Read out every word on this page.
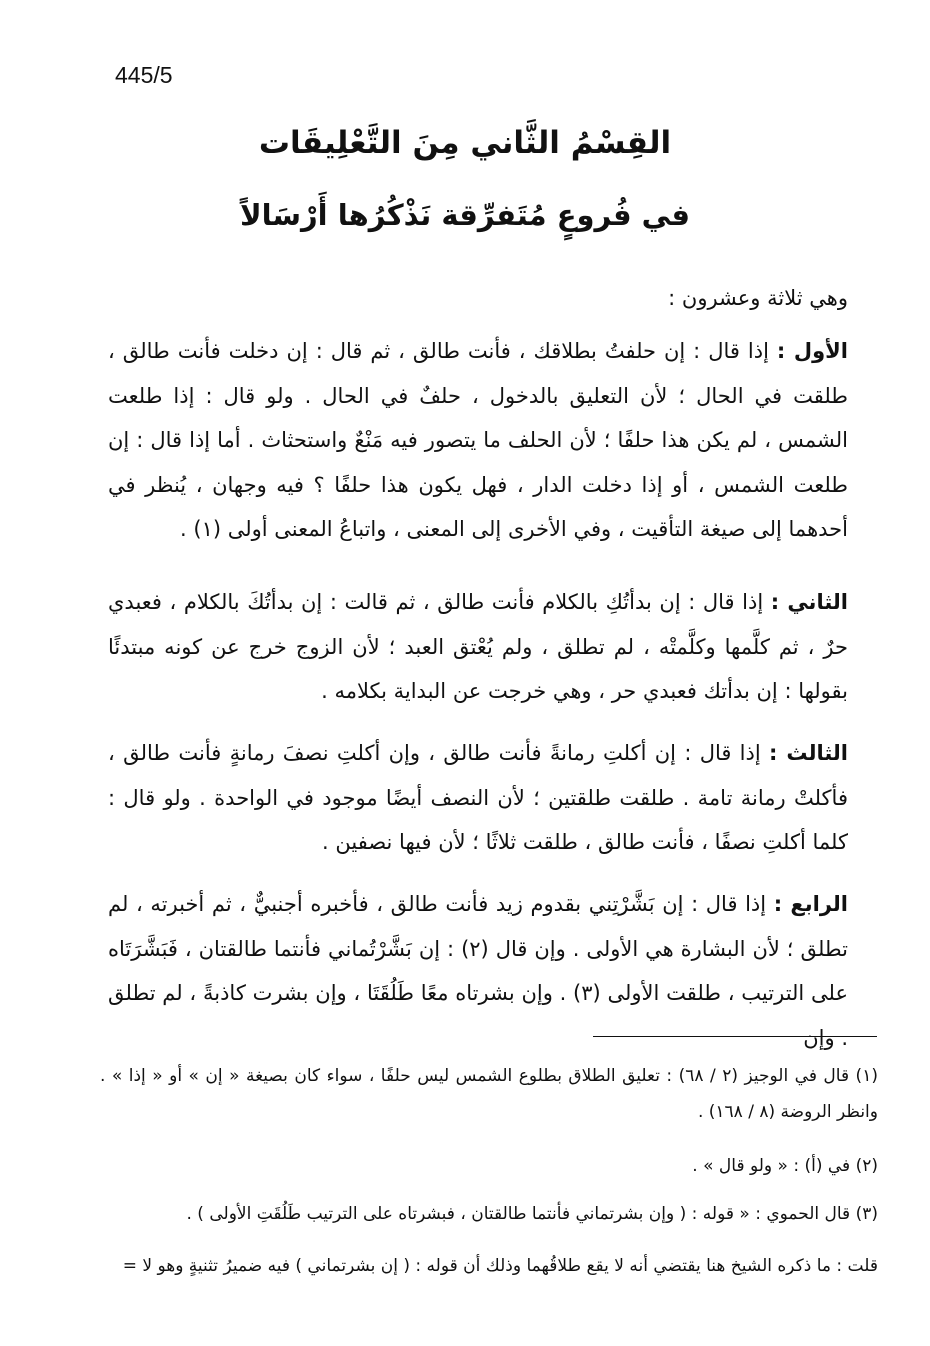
445/5
القِسْمُ الثَّاني مِنَ التَّعْلِيقَات
في فُروعٍ مُتَفرِّقة نَذْكُرُها أَرْسَالاً
وهي ثلاثة وعشرون :
الأول : إذا قال : إن حلفتُ بطلاقك ، فأنت طالق ، ثم قال : إن دخلت فأنت طالق ، طلقت في الحال ؛ لأن التعليق بالدخول ، حلفٌ في الحال . ولو قال : إذا طلعت الشمس ، لم يكن هذا حلفًا ؛ لأن الحلف ما يتصور فيه مَنْعٌ واستحثاث . أما إذا قال : إن طلعت الشمس ، أو إذا دخلت الدار ، فهل يكون هذا حلفًا ؟ فيه وجهان ، يُنظر في أحدهما إلى صيغة التأقيت ، وفي الأخرى إلى المعنى ، واتباعُ المعنى أولى (١) .
الثاني : إذا قال : إن بدأتُكِ بالكلام فأنت طالق ، ثم قالت : إن بدأتُكَ بالكلام ، فعبدي حرٌ ، ثم كلَّمها وكلَّمتْه ، لم تطلق ، ولم يُعْتق العبد ؛ لأن الزوج خرج عن كونه مبتدئًا بقولها : إن بدأتك فعبدي حر ، وهي خرجت عن البداية بكلامه .
الثالث : إذا قال : إن أكلتِ رمانةً فأنت طالق ، وإن أكلتِ نصفَ رمانةٍ فأنت طالق ، فأكلتْ رمانة تامة . طلقت طلقتين ؛ لأن النصف أيضًا موجود في الواحدة . ولو قال : كلما أكلتِ نصفًا ، فأنت طالق ، طلقت ثلاثًا ؛ لأن فيها نصفين .
الرابع : إذا قال : إن بَشَّرْتِني بقدوم زيد فأنت طالق ، فأخبره أجنبيٌّ ، ثم أخبرته ، لم تطلق ؛ لأن البشارة هي الأولى . وإن قال (٢) : إن بَشَّرْتُماني فأنتما طالقتان ، فَبَشَّرَتَاه على الترتيب ، طلقت الأولى (٣) . وإن بشرتاه معًا طَلُقَتَا ، وإن بشرت كاذبةً ، لم تطلق . وإن
(١) قال في الوجيز (٢ / ٦٨) : تعليق الطلاق بطلوع الشمس ليس حلفًا ، سواء كان بصيغة « إن » أو « إذا » . وانظر الروضة (٨ / ١٦٨) .
(٢) في (أ) : « ولو قال » .
(٣) قال الحموي : « قوله : ( وإن بشرتماني فأنتما طالقتان ، فبشرتاه على الترتيب طَلُقَتِ الأولى ) .
قلت : ما ذكره الشيخ هنا يقتضي أنه لا يقع طلاقُهما وذلك أن قوله : ( إن بشرتماني ) فيه ضميرُ تثنيةٍ وهو لا =
